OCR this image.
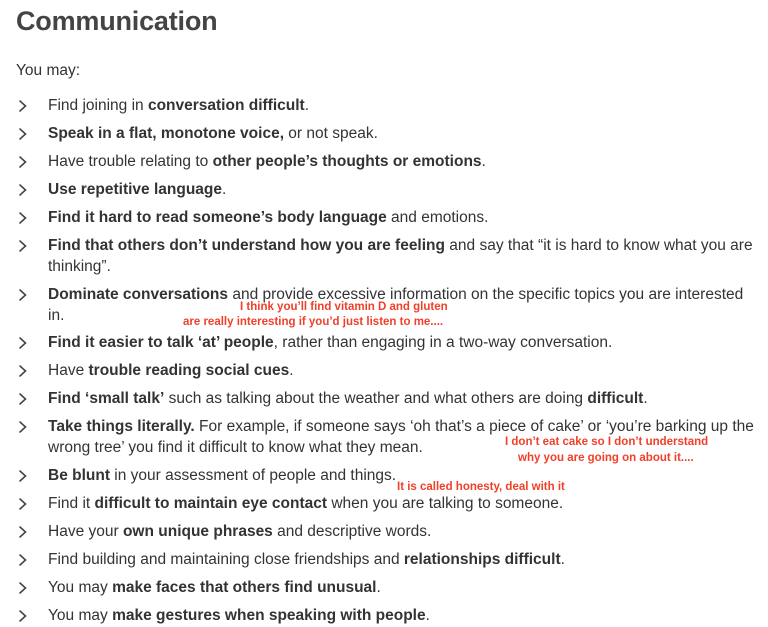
Communication
You may:
Find joining in conversation difficult.
Speak in a flat, monotone voice, or not speak.
Have trouble relating to other people’s thoughts or emotions.
Use repetitive language.
Find it hard to read someone’s body language and emotions.
Find that others don’t understand how you are feeling and say that “it is hard to know what you are thinking”.
Dominate conversations and provide excessive information on the specific topics you are interested in.
Find it easier to talk ‘at’ people, rather than engaging in a two-way conversation.
Have trouble reading social cues.
Find ‘small talk’ such as talking about the weather and what others are doing difficult.
Take things literally. For example, if someone says ‘oh that’s a piece of cake’ or ‘you’re barking up the wrong tree’ you find it difficult to know what they mean.
Be blunt in your assessment of people and things.
Find it difficult to maintain eye contact when you are talking to someone.
Have your own unique phrases and descriptive words.
Find building and maintaining close friendships and relationships difficult.
You may make faces that others find unusual.
You may make gestures when speaking with people.
I think you’ll find vitamin D and gluten
are really interesting if you’d just listen to me....
I don’t eat cake so I don’t understand
why you are going on about it....
It is called honesty, deal with it
